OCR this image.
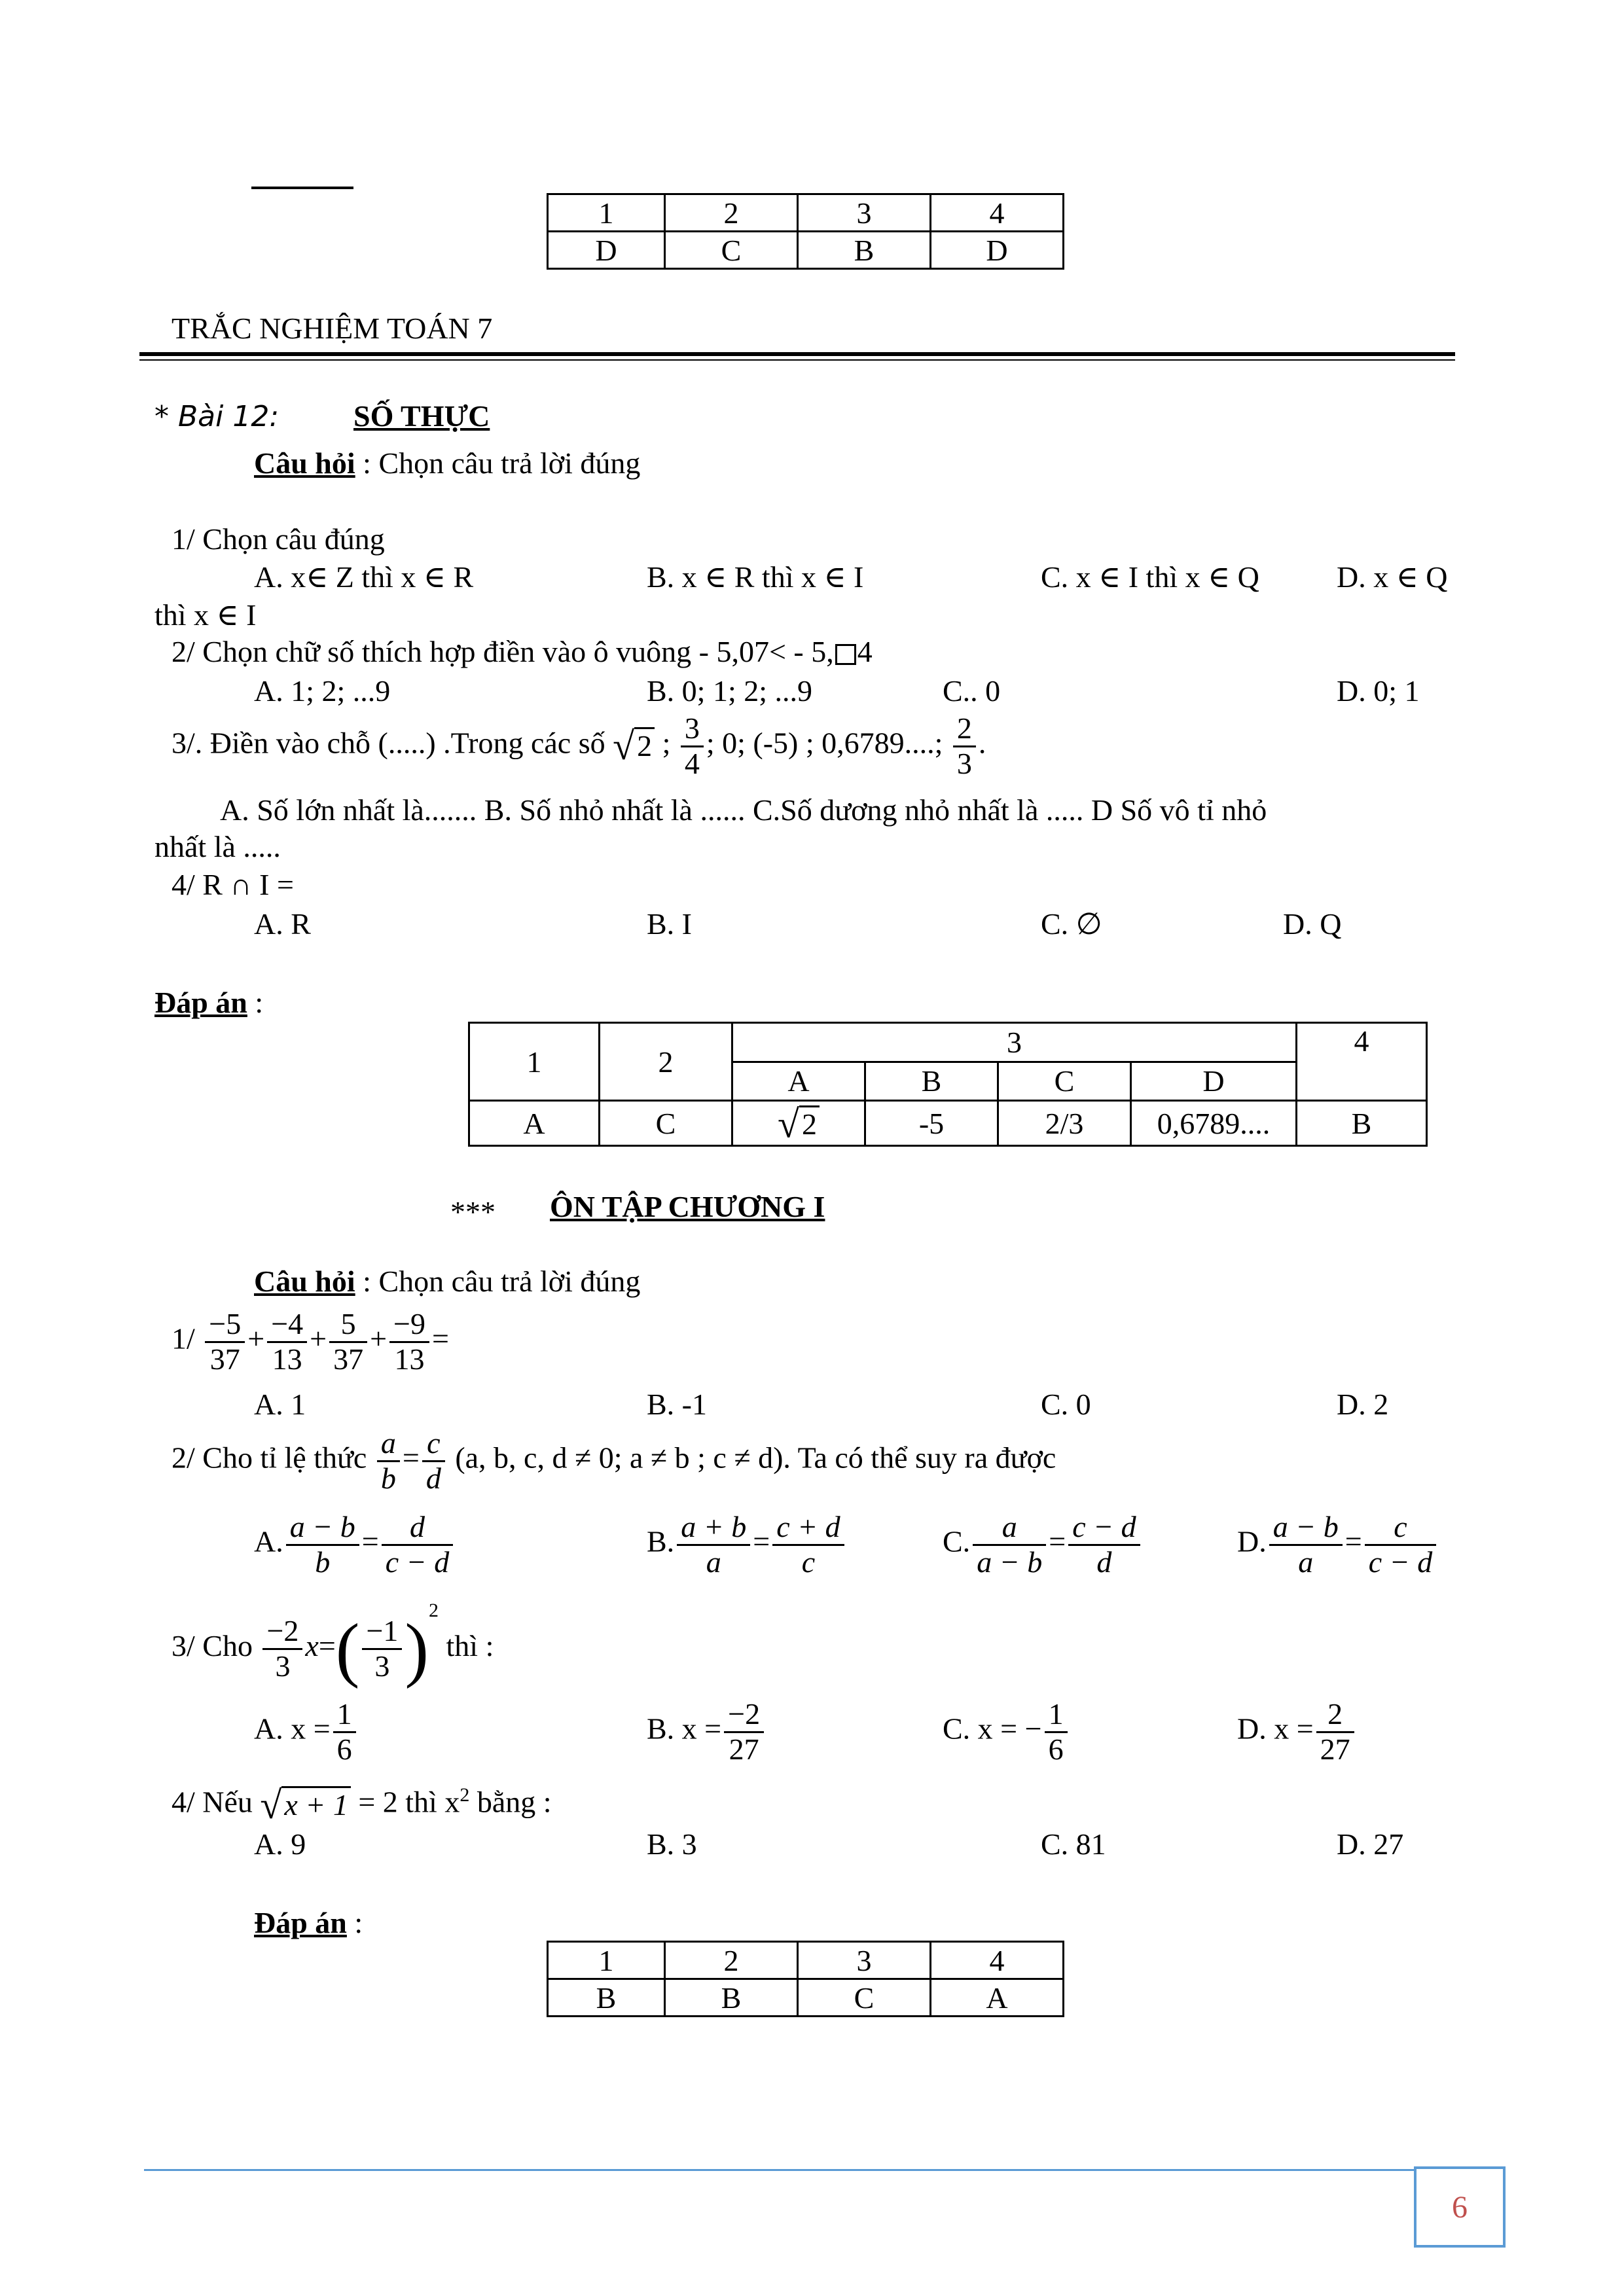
1	2	3	4
D	C	B	D
TRẮC NGHIỆM TOÁN 7
* Bài 12: SỐ THỰC
Câu hỏi : Chọn câu trả lời đúng
1/ Chọn câu đúng
A. x∈ Z thì x ∈ R	B. x ∈ R thì x ∈ I	C. x ∈ I thì x ∈ Q	D. x ∈ Q
thì x ∈ I
2/ Chọn chữ số thích hợp điền vào ô vuông - 5,07< - 5, 4
A. 1; 2; ...9	B. 0; 1; 2; ...9	C.. 0	D. 0; 1
3/. Điền vào chỗ (.....) .Trong các số √2 ; $\frac{3}{4}$ ; 0; (-5) ; 0,6789....; $\frac{2}{3}$ .
A. Số lớn nhất là....... B. Số nhỏ nhất là ...... C.Số dương nhỏ nhất là ..... D Số vô tỉ nhỏ
nhất là .....
4/ R ∩ I =
A. R	B. I	C. ∅	D. Q
Đáp án :
1	2	3				4
		A	B	C	D	
A	C	√2	-5	2/3	0,6789....	B
*** ÔN TẬP CHƯƠNG I
Câu hỏi : Chọn câu trả lời đúng
$1/ \frac{-5}{37} + \frac{-4}{13} + \frac{5}{37} + \frac{-9}{13}$ =
A. 1	B. -1	C. 0	D. 2
2/ Cho tỉ lệ thức $\frac{a}{b} = \frac{c}{d} (a$, b, c, d ≠ 0; a ≠ b ; c ≠ d). Ta có thể suy ra được
A. $\frac{a - b}{b} = \frac{d}{c - d}$	B. $\frac{a + b}{a} = \frac{c + d}{c}$	C. $\frac{a}{a - b} = \frac{c - d}{d}$	D. $\frac{a - b}{a} = \frac{c}{c - d}$
3/ Cho $\frac{-2}{3} x=( \frac{-1}{3} )^2$ thì :
A. $x = \frac{1}{6}$	B. $x = \frac{-2}{27}$	C. x = − $\frac{1}{6}$	D. $x = \frac{2}{27}$
4/ Nếu √x + 1 = 2 thì $x^2$ bằng :
A. 9	B. 3	C. 81	D. 27
Đáp án :
1	2	3	4
B	B	C	A
6
